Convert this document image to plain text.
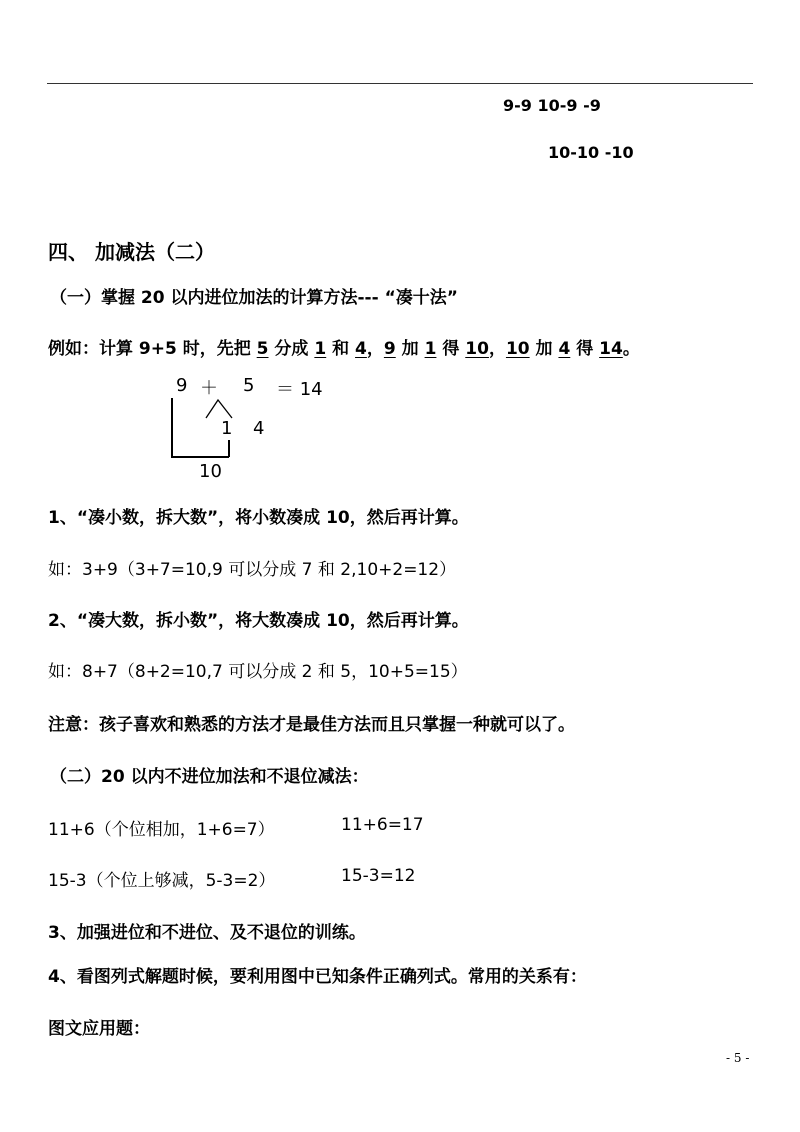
9-9 10-9 -9
10-10 -10
四、 加减法（二）
（一）掌握 20 以内进位加法的计算方法--- “凑十法”
例如：计算 9+5 时，先把 5 分成 1 和 4，9 加 1 得 10，10 加 4 得 14。
9 ＋ 5 ＝ 14
1 4
10
1、“凑小数，拆大数”，将小数凑成 10，然后再计算。
如：3+9（3+7=10,9 可以分成 7 和 2,10+2=12）
2、“凑大数，拆小数”，将大数凑成 10，然后再计算。
如：8+7（8+2=10,7 可以分成 2 和 5，10+5=15）
注意：孩子喜欢和熟悉的方法才是最佳方法而且只掌握一种就可以了。
（二）20 以内不进位加法和不退位减法：
11+6（个位相加，1+6=7）	11+6=17
15-3（个位上够减，5-3=2）	15-3=12
3、加强进位和不进位、及不退位的训练。
4、看图列式解题时候，要利用图中已知条件正确列式。常用的关系有：
图文应用题：
- 5 -
